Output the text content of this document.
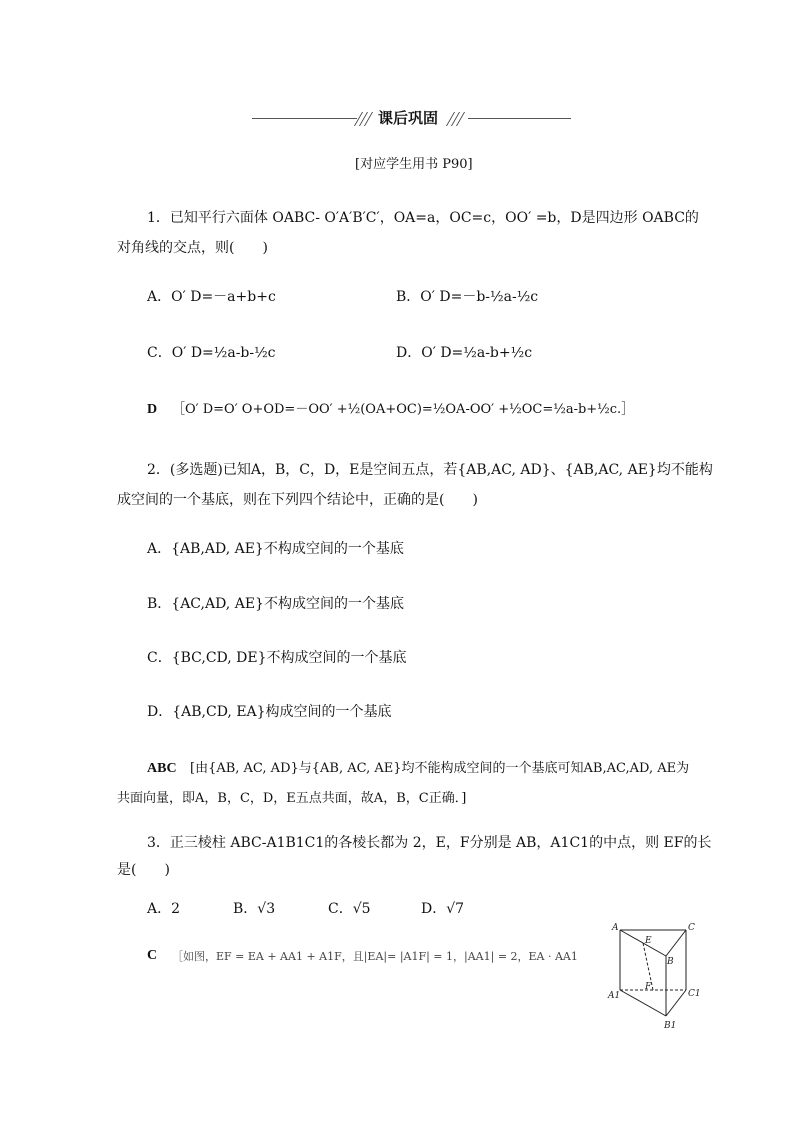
课后巩固
[对应学生用书 P90]
1．已知平行六面体 OABC- O′A′B′C′，OA=a，OC=c，OO′ =b，D是四边形 OABC的
对角线的交点，则(　　)
A．O′ D=－a+b+c	B．O′ D=－b-½a-½c
C．O′ D=½a-b-½c	D．O′ D=½a-b+½c
D ［O′ D=O′ O+OD=－OO′ +½(OA+OC)=½OA-OO′ +½OC=½a-b+½c.］
2．(多选题)已知A，B，C，D，E是空间五点，若{AB,AC, AD}、{AB,AC, AE}均不能构
成空间的一个基底，则在下列四个结论中，正确的是(　　)
A．{AB,AD, AE}不构成空间的一个基底
B．{AC,AD, AE}不构成空间的一个基底
C．{BC,CD, DE}不构成空间的一个基底
D．{AB,CD, EA}构成空间的一个基底
ABC [由{AB, AC, AD}与{AB, AC, AE}均不能构成空间的一个基底可知AB,AC,AD, AE为
共面向量，即A，B，C，D，E五点共面，故A，B，C正确．]
3．正三棱柱 ABC-A1B1C1的各棱长都为 2，E，F分别是 AB，A1C1的中点，则 EF的长
是(　　)
A．2	B．√3	C．√5	D．√7
C ［如图，EF = EA + AA1 + A1F，且|EA|= |A1F| = 1，|AA1| = 2，EA · AA1
A
E
C
B
F
A1	C1
B1
